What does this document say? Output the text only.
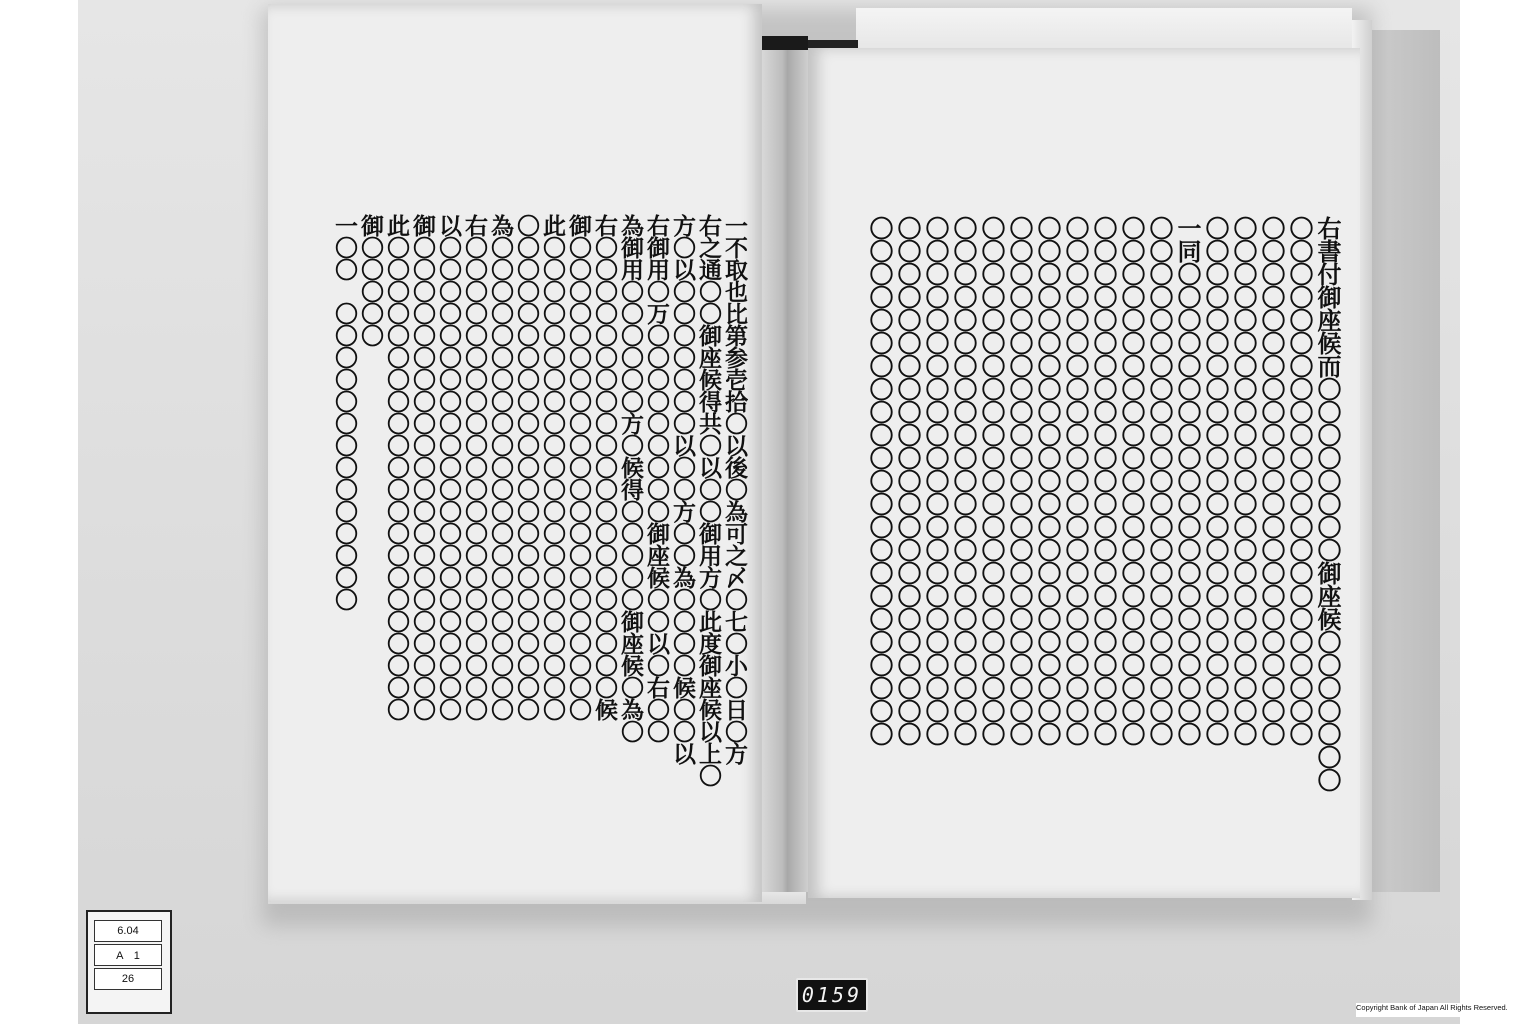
一不取也比第参壱拾〇以後〇為可之〆〇七〇小〇日〇方
右之通〇〇御座候得共〇以〇〇御用方〇此度御座候以上〇
方〇以〇〇〇〇〇〇〇以〇〇方〇〇為〇〇〇〇候〇〇以
右御用〇万〇〇〇〇〇〇〇〇〇御座候〇〇以〇右〇〇
為御用〇〇〇〇〇〇方〇候得〇〇〇〇〇御座候〇為〇
右〇〇〇〇〇〇〇〇〇〇〇〇〇〇〇〇〇〇〇〇〇候
御〇〇〇〇〇〇〇〇〇〇〇〇〇〇〇〇〇〇〇〇〇〇
此〇〇〇〇〇〇〇〇〇〇〇〇〇〇〇〇〇〇〇〇〇〇
〇〇〇〇〇〇〇〇〇〇〇〇〇〇〇〇〇〇〇〇〇〇〇
為〇〇〇〇〇〇〇〇〇〇〇〇〇〇〇〇〇〇〇〇〇〇
右〇〇〇〇〇〇〇〇〇〇〇〇〇〇〇〇〇〇〇〇〇〇
以〇〇〇〇〇〇〇〇〇〇〇〇〇〇〇〇〇〇〇〇〇〇
御〇〇〇〇〇〇〇〇〇〇〇〇〇〇〇〇〇〇〇〇〇〇
此〇〇〇〇〇〇〇〇〇〇〇〇〇〇〇〇〇〇〇〇〇〇
御〇〇〇〇〇
一〇〇　〇〇〇〇〇〇〇〇〇〇〇〇〇〇	右書付御座候而〇〇〇〇〇〇〇〇御座候〇〇〇〇〇〇〇
〇〇〇〇〇〇〇〇〇〇〇〇〇〇〇〇〇〇〇〇〇〇〇
〇〇〇〇〇〇〇〇〇〇〇〇〇〇〇〇〇〇〇〇〇〇〇
〇〇〇〇〇〇〇〇〇〇〇〇〇〇〇〇〇〇〇〇〇〇〇
〇〇〇〇〇〇〇〇〇〇〇〇〇〇〇〇〇〇〇〇〇〇〇
一同〇〇〇〇〇〇〇〇〇〇〇〇〇〇〇〇〇〇〇〇〇
〇〇〇〇〇〇〇〇〇〇〇〇〇〇〇〇〇〇〇〇〇〇〇
〇〇〇〇〇〇〇〇〇〇〇〇〇〇〇〇〇〇〇〇〇〇〇
〇〇〇〇〇〇〇〇〇〇〇〇〇〇〇〇〇〇〇〇〇〇〇
〇〇〇〇〇〇〇〇〇〇〇〇〇〇〇〇〇〇〇〇〇〇〇
〇〇〇〇〇〇〇〇〇〇〇〇〇〇〇〇〇〇〇〇〇〇〇
〇〇〇〇〇〇〇〇〇〇〇〇〇〇〇〇〇〇〇〇〇〇〇
〇〇〇〇〇〇〇〇〇〇〇〇〇〇〇〇〇〇〇〇〇〇〇
〇〇〇〇〇〇〇〇〇〇〇〇〇〇〇〇〇〇〇〇〇〇〇
〇〇〇〇〇〇〇〇〇〇〇〇〇〇〇〇〇〇〇〇〇〇〇
〇〇〇〇〇〇〇〇〇〇〇〇〇〇〇〇〇〇〇〇〇〇〇
〇〇〇〇〇〇〇〇〇〇〇〇〇〇〇〇〇〇〇〇〇〇〇
6.04
A　1
26
0159
Copyright Bank of Japan All Rights Reserved.
